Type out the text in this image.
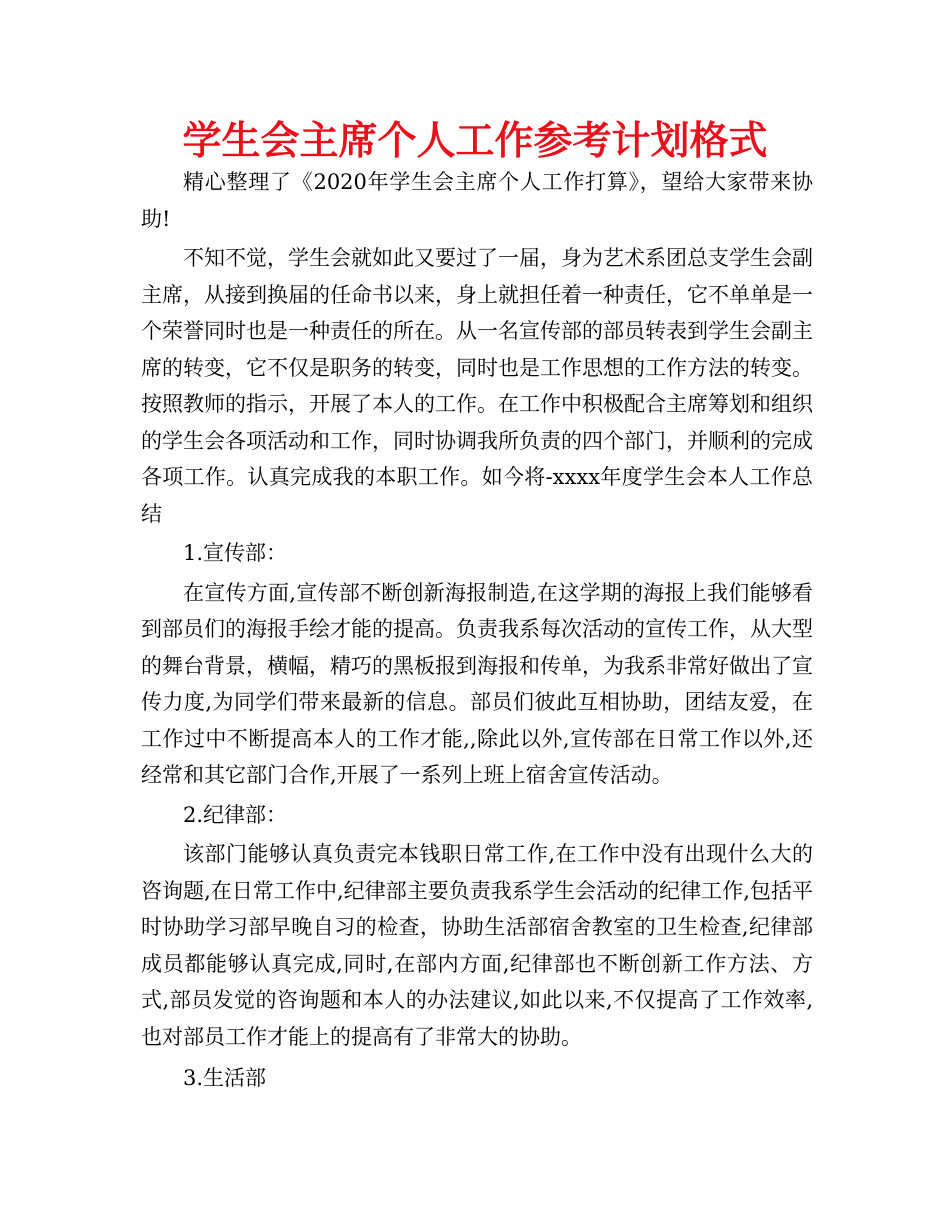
学生会主席个人工作参考计划格式

精心整理了《2020年学生会主席个人工作打算》，望给大家带来协助!

不知不觉，学生会就如此又要过了一届，身为艺术系团总支学生会副主席，从接到换届的任命书以来，身上就担任着一种责任，它不单单是一个荣誉同时也是一种责任的所在。从一名宣传部的部员转表到学生会副主席的转变，它不仅是职务的转变，同时也是工作思想的工作方法的转变。按照教师的指示，开展了本人的工作。在工作中积极配合主席筹划和组织的学生会各项活动和工作，同时协调我所负责的四个部门，并顺利的完成各项工作。认真完成我的本职工作。如今将-xxxx年度学生会本人工作总结

1.宣传部：

在宣传方面,宣传部不断创新海报制造,在这学期的海报上我们能够看到部员们的海报手绘才能的提高。负责我系每次活动的宣传工作，从大型的舞台背景，横幅，精巧的黑板报到海报和传单，为我系非常好做出了宣传力度,为同学们带来最新的信息。部员们彼此互相协助，团结友爱，在工作过中不断提高本人的工作才能,,除此以外,宣传部在日常工作以外,还经常和其它部门合作,开展了一系列上班上宿舍宣传活动。

2.纪律部：

该部门能够认真负责完本钱职日常工作,在工作中没有出现什么大的咨询题,在日常工作中,纪律部主要负责我系学生会活动的纪律工作,包括平时协助学习部早晚自习的检查，协助生活部宿舍教室的卫生检查,纪律部成员都能够认真完成,同时,在部内方面,纪律部也不断创新工作方法、方式,部员发觉的咨询题和本人的办法建议,如此以来,不仅提高了工作效率,也对部员工作才能上的提高有了非常大的协助。

3.生活部
